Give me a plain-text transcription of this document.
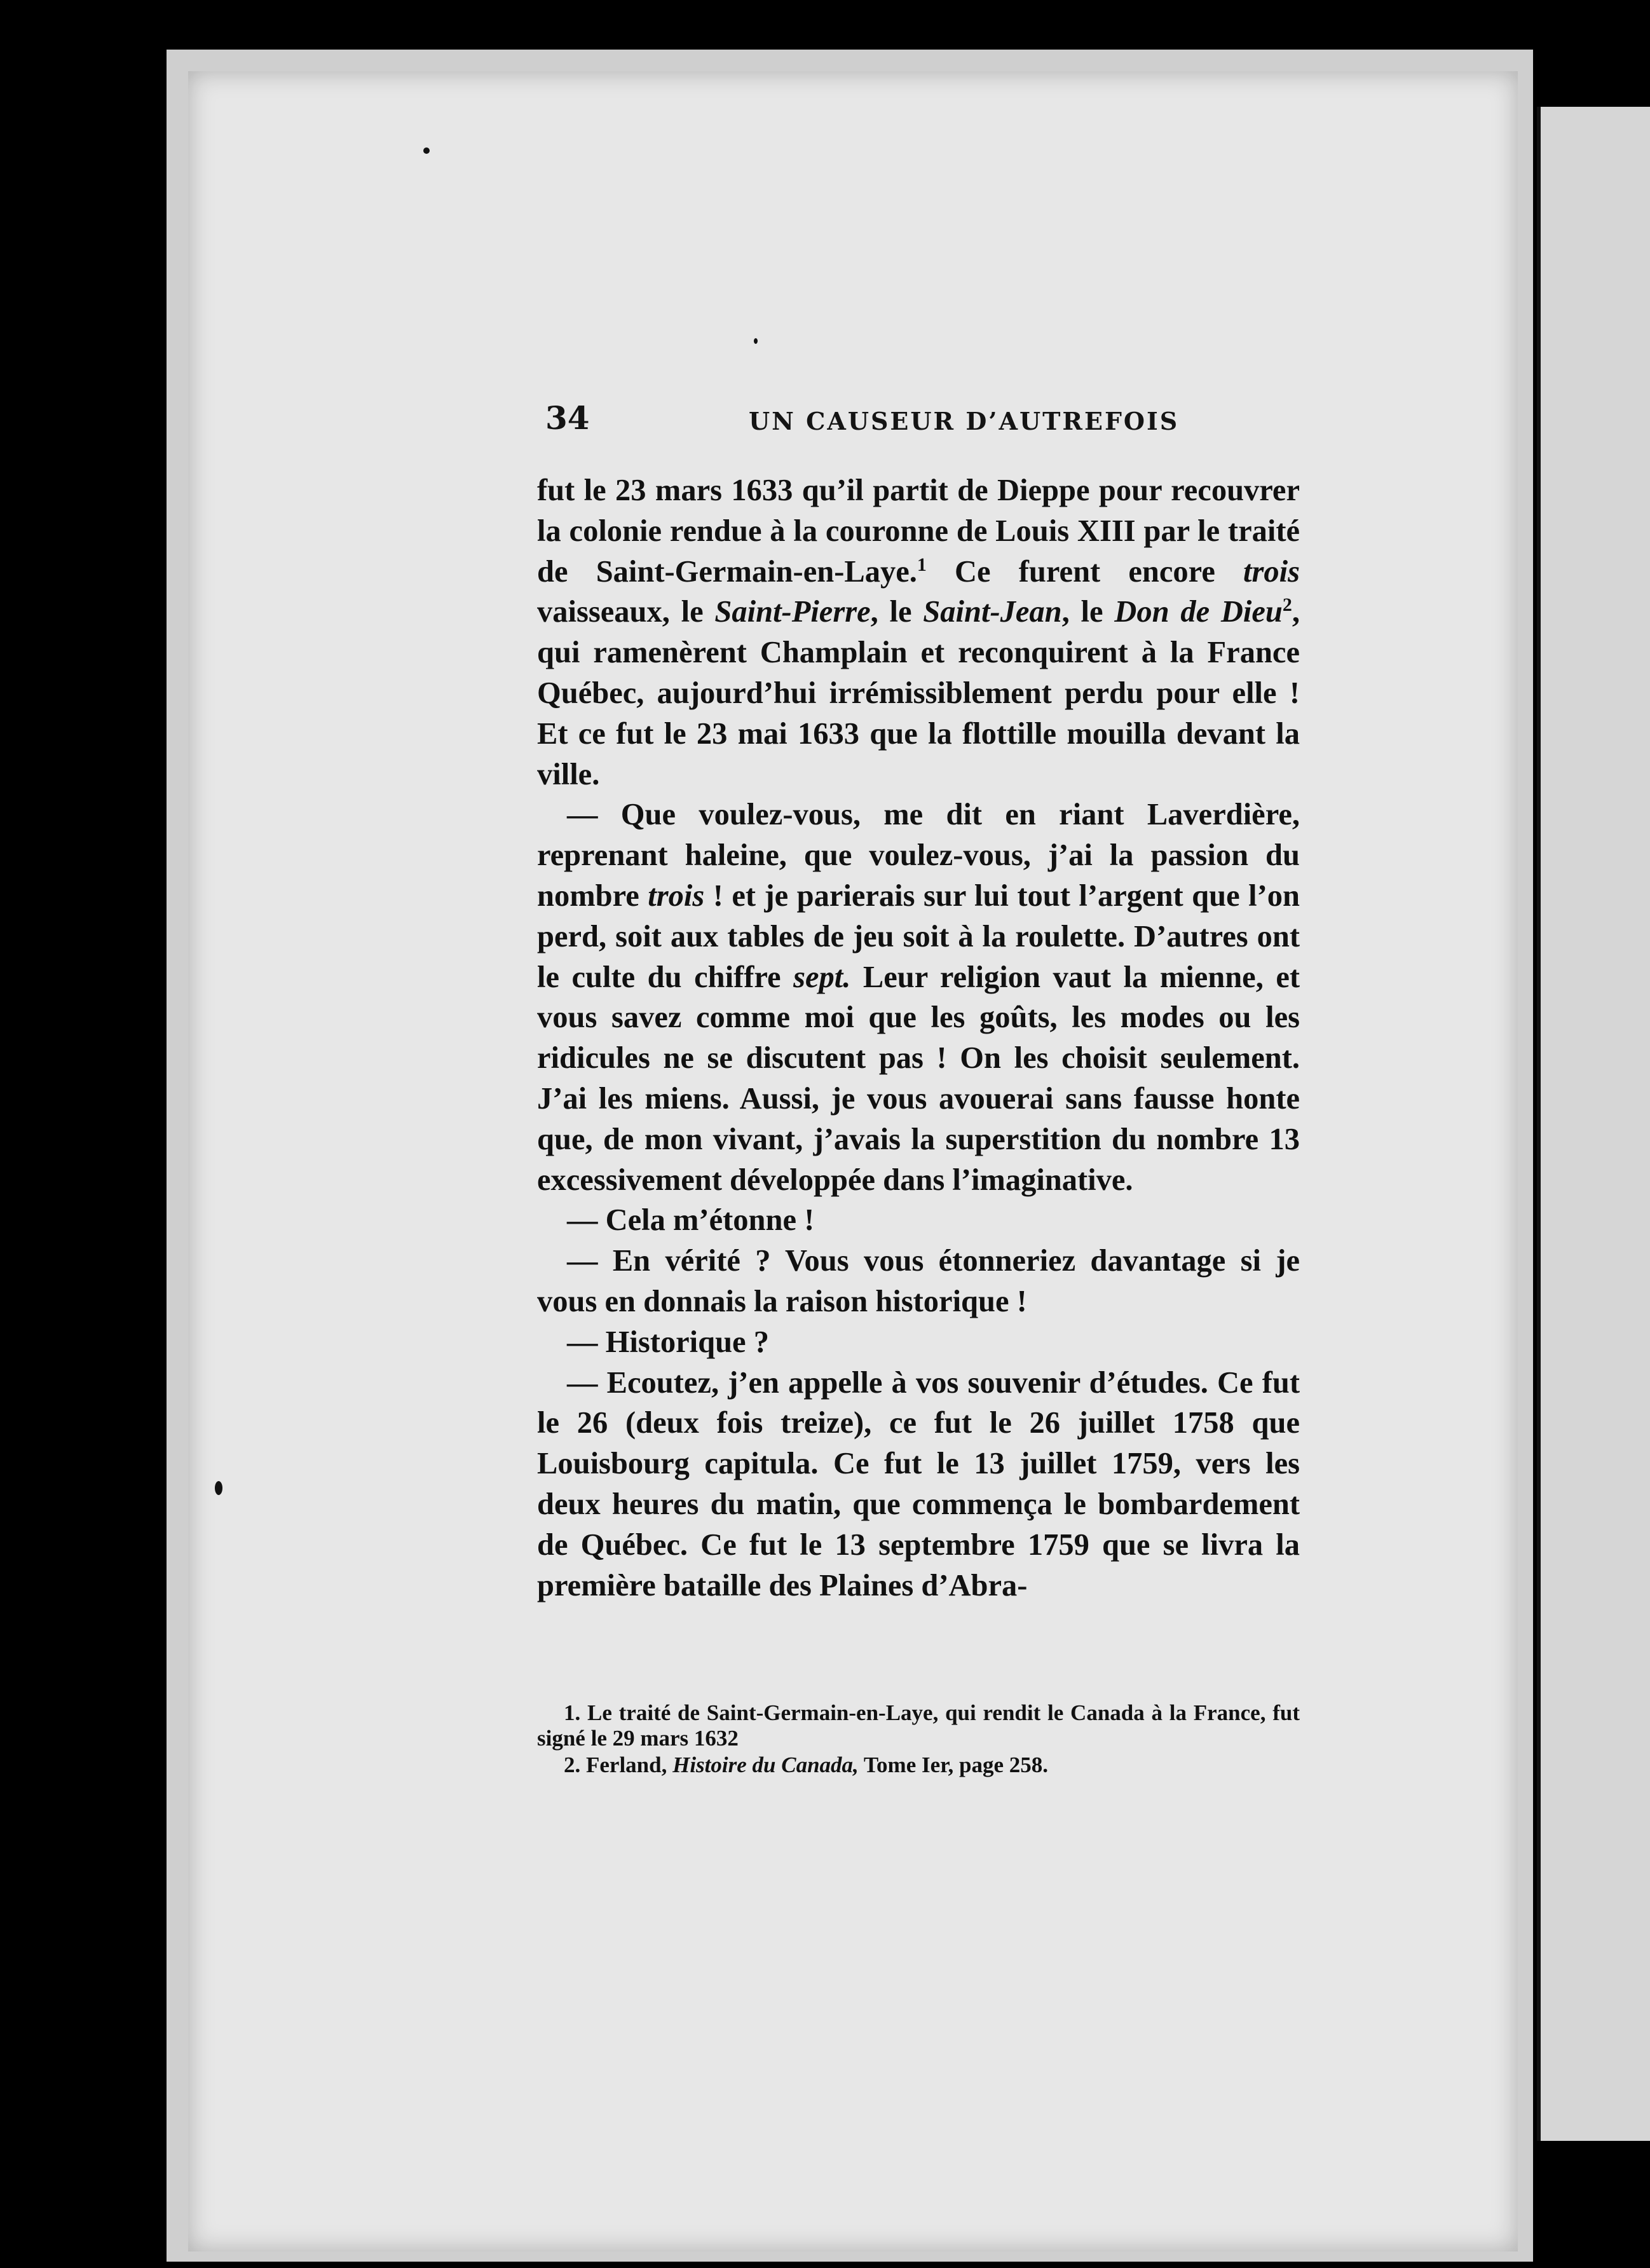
34	UN CAUSEUR D’AUTREFOIS

fut le 23 mars 1633 qu’il partit de Dieppe pour recouvrer la colonie rendue à la couronne de Louis XIII par le traité de Saint-Germain-en-Laye.$^1$ Ce furent encore trois vaisseaux, le Saint-Pierre, le Saint-Jean, le Don de Dieu$^2$, qui ramenèrent Champlain et reconquirent à la France Québec, aujourd’hui irrémissiblement perdu pour elle ! Et ce fut le 23 mai 1633 que la flottille mouilla devant la ville.

— Que voulez-vous, me dit en riant Laverdière, reprenant haleine, que voulez-vous, j’ai la passion du nombre trois ! et je parierais sur lui tout l’argent que l’on perd, soit aux tables de jeu soit à la roulette. D’autres ont le culte du chiffre sept. Leur religion vaut la mienne, et vous savez comme moi que les goûts, les modes ou les ridicules ne se discutent pas ! On les choisit seulement. J’ai les miens. Aussi, je vous avouerai sans fausse honte que, de mon vivant, j’avais la superstition du nombre 13 excessivement développée dans l’imaginative.

— Cela m’étonne !

— En vérité ? Vous vous étonneriez davantage si je vous en donnais la raison historique !

— Historique ?

— Ecoutez, j’en appelle à vos souvenir d’études. Ce fut le 26 (deux fois treize), ce fut le 26 juillet 1758 que Louisbourg capitula. Ce fut le 13 juillet 1759, vers les deux heures du matin, que commença le bombardement de Québec. Ce fut le 13 septembre 1759 que se livra la première bataille des Plaines d’Abra-

1. Le traité de Saint-Germain-en-Laye, qui rendit le Canada à la France, fut signé le 29 mars 1632

2. Ferland, Histoire du Canada, Tome Ier, page 258.
